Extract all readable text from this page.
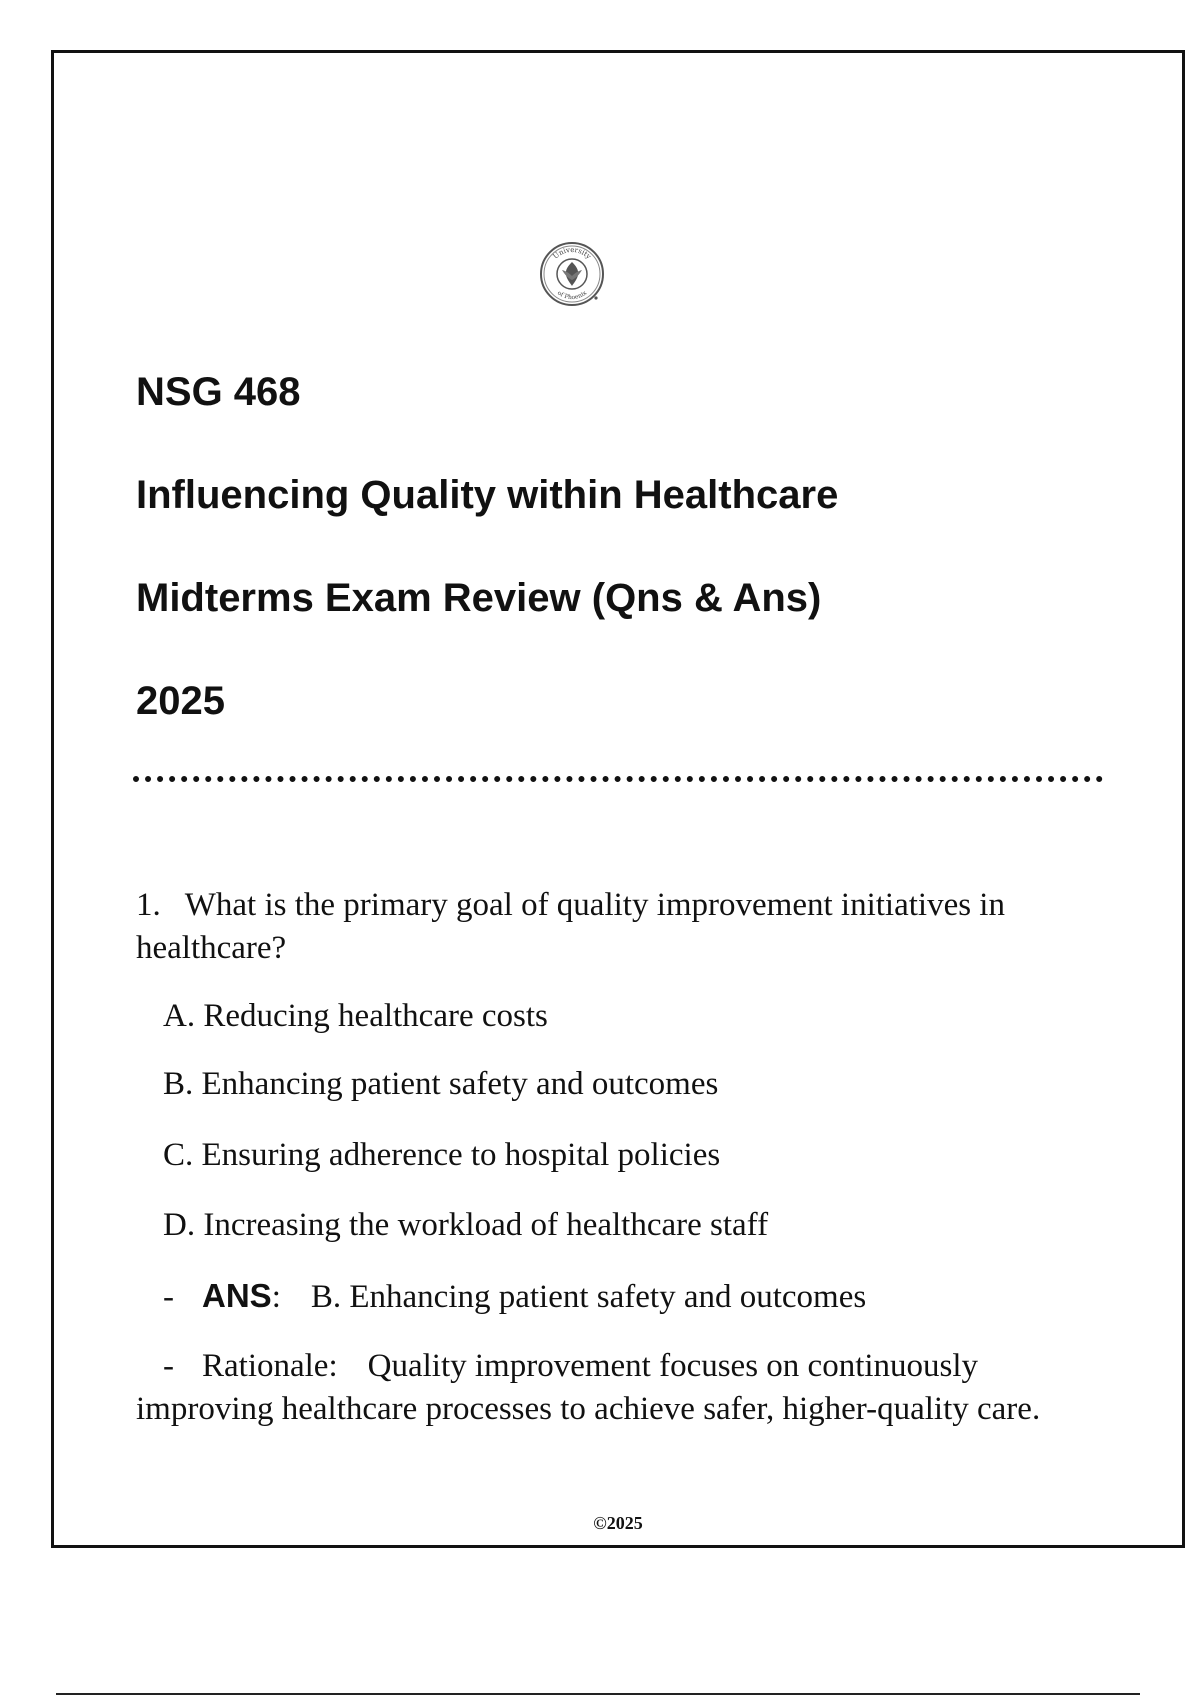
University
of Phoenix
NSG 468
Influencing Quality within Healthcare
Midterms Exam Review (Qns & Ans)
2025

1. What is the primary goal of quality improvement initiatives in healthcare?

A. Reducing healthcare costs

B. Enhancing patient safety and outcomes

C. Ensuring adherence to hospital policies

D. Increasing the workload of healthcare staff

- ANS: B. Enhancing patient safety and outcomes

- Rationale: Quality improvement focuses on continuously improving healthcare processes to achieve safer, higher-quality care.

©2025
